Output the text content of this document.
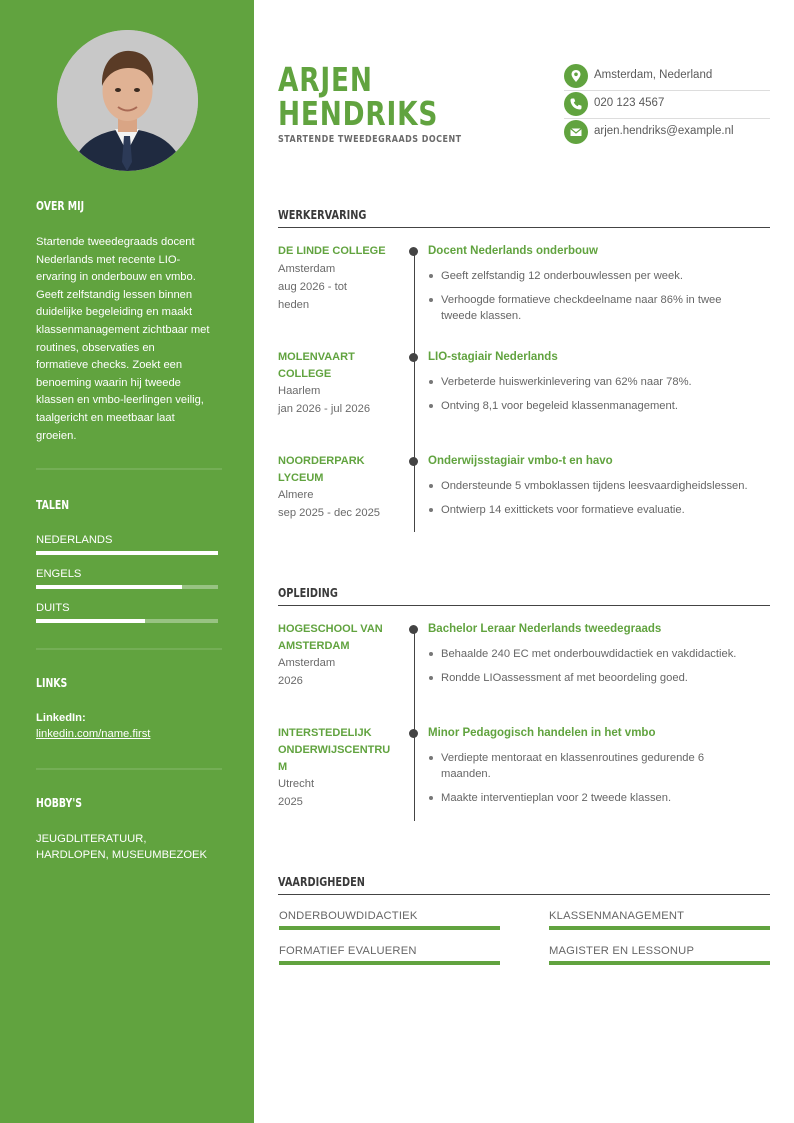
OVER MIJ
Startende tweedegraads docent
Nederlands met recente LIO-
ervaring in onderbouw en vmbo.
Geeft zelfstandig lessen binnen
duidelijke begeleiding en maakt
klassenmanagement zichtbaar met
routines, observaties en
formatieve checks. Zoekt een
benoeming waarin hij tweede
klassen en vmbo-leerlingen veilig,
taalgericht en meetbaar laat
groeien.
TALEN
NEDERLANDS
ENGELS
DUITS
LINKS
LinkedIn:
linkedin.com/name.first
HOBBY'S
JEUGDLITERATUUR,
HARDLOPEN, MUSEUMBEZOEK
ARJEN
HENDRIKS
STARTENDE TWEEDEGRAADS DOCENT
Amsterdam, Nederland
020 123 4567
arjen.hendriks@example.nl
WERKERVARING
DE LINDE COLLEGE
Amsterdam
aug 2026 - tot
heden
Docent Nederlands onderbouw
Geeft zelfstandig 12 onderbouwlessen per week.
Verhoogde formatieve checkdeelname naar 86% in twee
tweede klassen.
MOLENVAART
COLLEGE
Haarlem
jan 2026 - jul 2026
LIO-stagiair Nederlands
Verbeterde huiswerkinlevering van 62% naar 78%.
Ontving 8,1 voor begeleid klassenmanagement.
NOORDERPARK
LYCEUM
Almere
sep 2025 - dec 2025
Onderwijsstagiair vmbo-t en havo
Ondersteunde 5 vmboklassen tijdens leesvaardigheidslessen.
Ontwierp 14 exittickets voor formatieve evaluatie.
OPLEIDING
HOGESCHOOL VAN
AMSTERDAM
Amsterdam
2026
Bachelor Leraar Nederlands tweedegraads
Behaalde 240 EC met onderbouwdidactiek en vakdidactiek.
Rondde LIOassessment af met beoordeling goed.
INTERSTEDELIJK
ONDERWIJSCENTRU
M
Utrecht
2025
Minor Pedagogisch handelen in het vmbo
Verdiepte mentoraat en klassenroutines gedurende 6
maanden.
Maakte interventieplan voor 2 tweede klassen.
VAARDIGHEDEN
ONDERBOUWDIDACTIEK	KLASSENMANAGEMENT
FORMATIEF EVALUEREN	MAGISTER EN LESSONUP
